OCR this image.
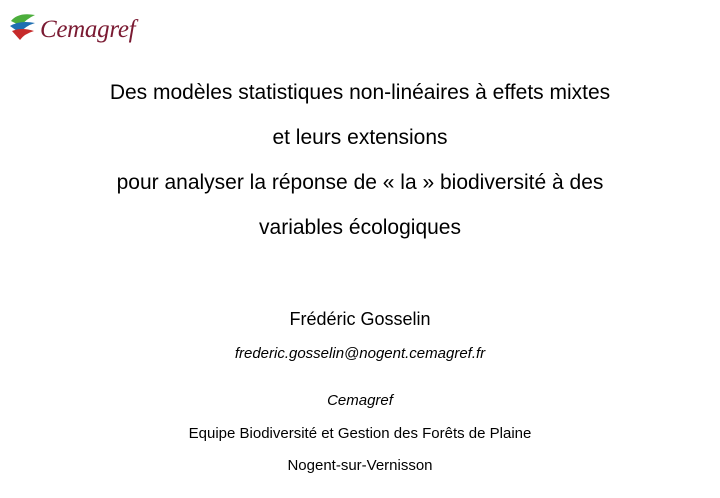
Cemagref
Des modèles statistiques non-linéaires à effets mixtes
et leurs extensions
pour analyser la réponse de « la » biodiversité à des
variables écologiques
Frédéric Gosselin
frederic.gosselin@nogent.cemagref.fr
Cemagref
Equipe Biodiversité et Gestion des Forêts de Plaine
Nogent-sur-Vernisson
